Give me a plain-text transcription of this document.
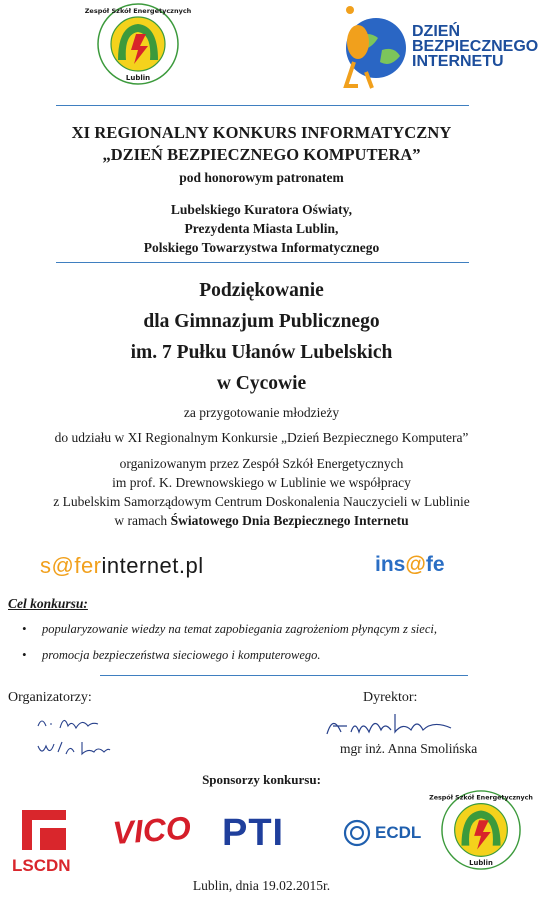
Lublin
Zespół Szkół Energetycznych
DZIEŃ
BEZPIECZNEGO
INTERNETU
XI REGIONALNY KONKURS INFORMATYCZNY
„DZIEŃ BEZPIECZNEGO KOMPUTERA”
pod honorowym patronatem
Lubelskiego Kuratora Oświaty,
Prezydenta Miasta Lublin,
Polskiego Towarzystwa Informatycznego
Podziękowanie
dla Gimnazjum Publicznego
im. 7 Pułku Ułanów Lubelskich
w Cycowie
za przygotowanie młodzieży
do udziału w XI Regionalnym Konkursie „Dzień Bezpiecznego Komputera”
organizowanym przez Zespół Szkół Energetycznych
im prof. K. Drewnowskiego w Lublinie we współpracy
z Lubelskim Samorządowym Centrum Doskonalenia Nauczycieli w Lublinie
w ramach Światowego Dnia Bezpiecznego Internetu
s@ferinternet.pl	ins@fe
Cel konkursu:
• popularyzowanie wiedzy na temat zapobiegania zagrożeniom płynącym z sieci,
• promocja bezpieczeństwa sieciowego i komputerowego.
Organizatorzy:	Dyrektor:
mgr inż. Anna Smolińska
Sponsorzy konkursu:
LSCDN
VICO PTI	ECDL
Lublin
Zespół Szkół Energetycznych
Lublin, dnia 19.02.2015r.
